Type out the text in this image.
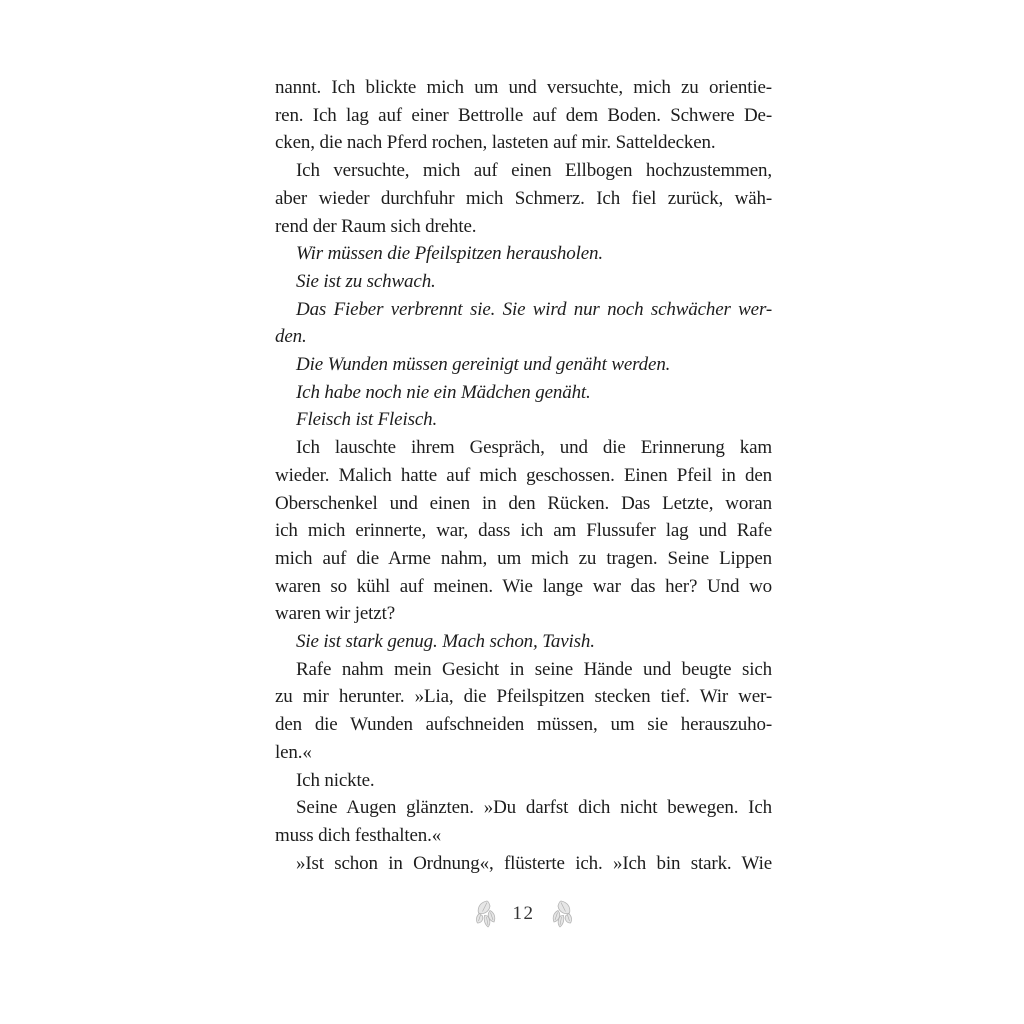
nannt. Ich blickte mich um und versuchte, mich zu orientie-
ren. Ich lag auf einer Bettrolle auf dem Boden. Schwere De-
cken, die nach Pferd rochen, lasteten auf mir. Satteldecken.
Ich versuchte, mich auf einen Ellbogen hochzustemmen,
aber wieder durchfuhr mich Schmerz. Ich fiel zurück, wäh-
rend der Raum sich drehte.
Wir müssen die Pfeilspitzen herausholen.
Sie ist zu schwach.
Das Fieber verbrennt sie. Sie wird nur noch schwächer wer-
den.
Die Wunden müssen gereinigt und genäht werden.
Ich habe noch nie ein Mädchen genäht.
Fleisch ist Fleisch.
Ich lauschte ihrem Gespräch, und die Erinnerung kam
wieder. Malich hatte auf mich geschossen. Einen Pfeil in den
Oberschenkel und einen in den Rücken. Das Letzte, woran
ich mich erinnerte, war, dass ich am Flussufer lag und Rafe
mich auf die Arme nahm, um mich zu tragen. Seine Lippen
waren so kühl auf meinen. Wie lange war das her? Und wo
waren wir jetzt?
Sie ist stark genug. Mach schon, Tavish.
Rafe nahm mein Gesicht in seine Hände und beugte sich
zu mir herunter. »Lia, die Pfeilspitzen stecken tief. Wir wer-
den die Wunden aufschneiden müssen, um sie herauszuho-
len.«
Ich nickte.
Seine Augen glänzten. »Du darfst dich nicht bewegen. Ich
muss dich festhalten.«
»Ist schon in Ordnung«, flüsterte ich. »Ich bin stark. Wie
12
